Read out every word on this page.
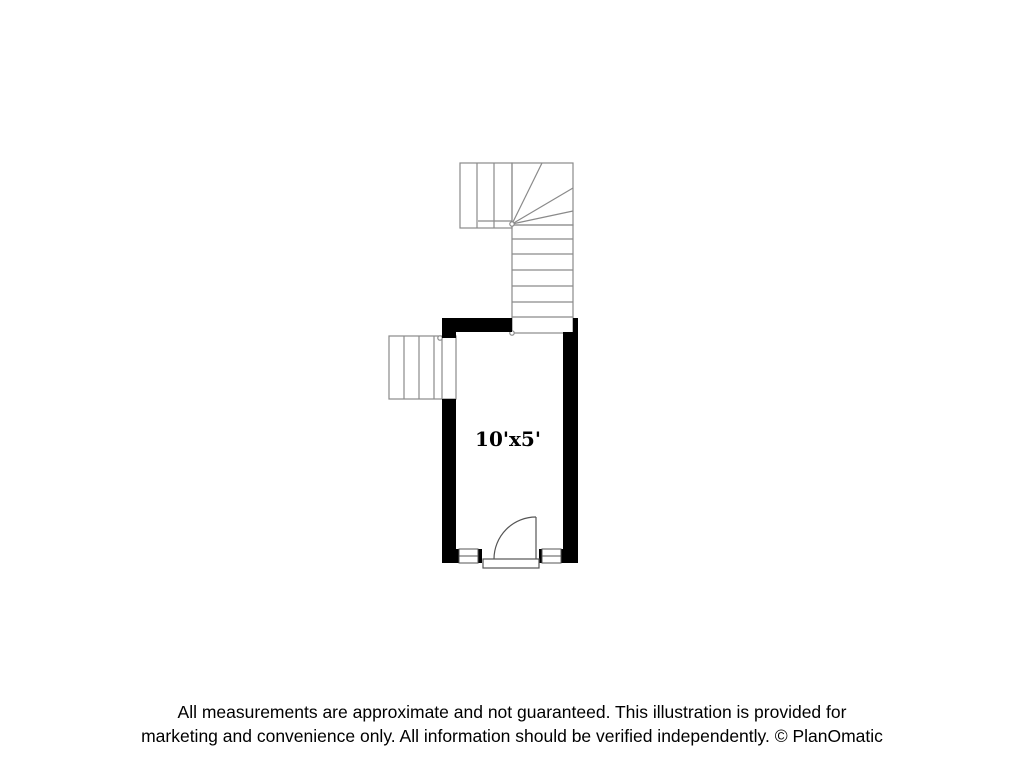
10'x5'
All measurements are approximate and not guaranteed. This illustration is provided for
marketing and convenience only. All information should be verified independently. © PlanOmatic
